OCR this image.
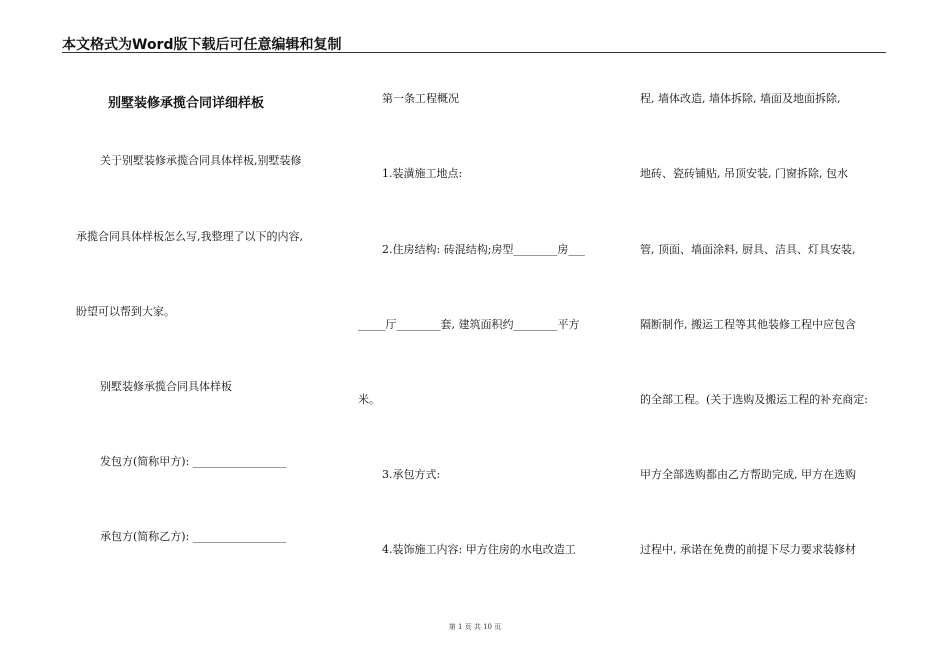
本文格式为Word版下载后可任意编辑和复制
别墅装修承揽合同详细样板
关于别墅装修承揽合同具体样板,别墅装修
承揽合同具体样板怎么写,我整理了以下的内容,
盼望可以帮到大家。
别墅装修承揽合同具体样板
发包方(简称甲方): _________________
承包方(简称乙方): _________________
第一条工程概况
1.装潢施工地点:
2.住房结构: 砖混结构;房型________房___
_____厅________套, 建筑面积约________平方
米。
3.承包方式:
4.装饰施工内容: 甲方住房的水电改造工
程, 墙体改造, 墙体拆除, 墙面及地面拆除,
地砖、瓷砖铺贴, 吊顶安装, 门窗拆除, 包水
管, 顶面、墙面涂料, 厨具、洁具、灯具安装,
隔断制作, 搬运工程等其他装修工程中应包含
的全部工程。(关于选购及搬运工程的补充商定:
甲方全部选购都由乙方帮助完成, 甲方在选购
过程中, 承诺在免费的前提下尽力要求装修材
第 1 页 共 10 页
